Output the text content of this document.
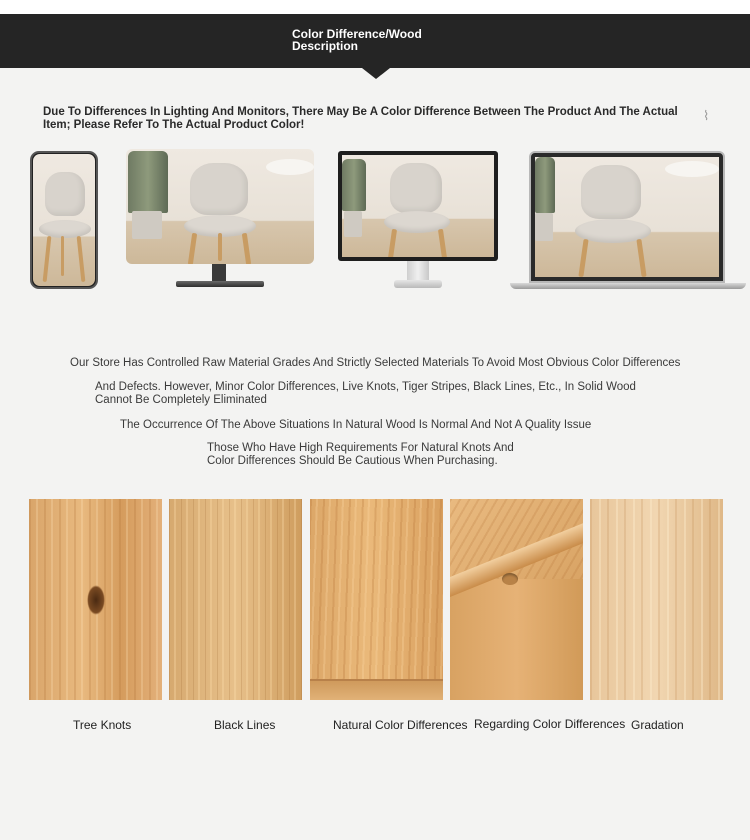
Color Difference/Wood
Description
Due To Differences In Lighting And Monitors, There May Be A Color Difference Between The Product And The Actual Item; Please Refer To The Actual Product Color!
⌇
Our Store Has Controlled Raw Material Grades And Strictly Selected Materials To Avoid Most Obvious Color Differences
And Defects. However, Minor Color Differences, Live Knots, Tiger Stripes, Black Lines, Etc., In Solid Wood
Cannot Be Completely Eliminated
The Occurrence Of The Above Situations In Natural Wood Is Normal And Not A Quality Issue
Those Who Have High Requirements For Natural Knots And
Color Differences Should Be Cautious When Purchasing.
Tree Knots	Black Lines	Natural Color Differences Regarding Color Differences Gradation
